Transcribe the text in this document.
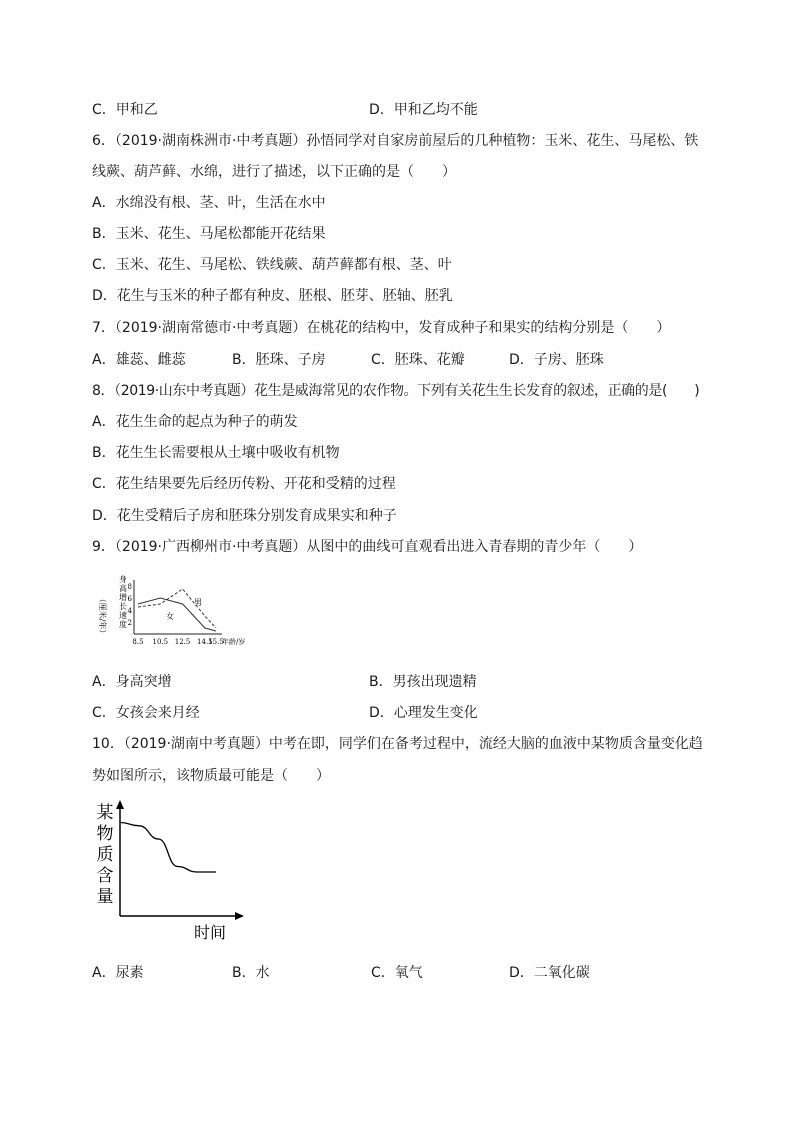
C．甲和乙	D．甲和乙均不能
6．（2019·湖南株洲市·中考真题）孙悟同学对自家房前屋后的几种植物：玉米、花生、马尾松、铁
线蕨、葫芦藓、水绵，进行了描述，以下正确的是（　　）
A．水绵没有根、茎、叶，生活在水中
B．玉米、花生、马尾松都能开花结果
C．玉米、花生、马尾松、铁线蕨、葫芦藓都有根、茎、叶
D．花生与玉米的种子都有种皮、胚根、胚芽、胚轴、胚乳
7．（2019·湖南常德市·中考真题）在桃花的结构中，发育成种子和果实的结构分别是（　　）
A．雄蕊、雌蕊	B．胚珠、子房	C．胚珠、花瓣	D．子房、胚珠
8．（2019·山东中考真题）花生是威海常见的农作物。下列有关花生生长发育的叙述，正确的是(　　)
A．花生生命的起点为种子的萌发
B．花生生长需要根从土壤中吸收有机物
C．花生结果要先后经历传粉、开花和受精的过程
D．花生受精后子房和胚珠分别发育成果实和种子
9．（2019·广西柳州市·中考真题）从图中的曲线可直观看出进入青春期的青少年（　　）
（厘米/年）
身
高
增
长
速
度 2
4
6
8
8.5 10.5 12.5 14.5
15.5
女
男
年龄/岁
A．身高突增	B．男孩出现遗精
C．女孩会来月经	D．心理发生变化
10．（2019·湖南中考真题）中考在即，同学们在备考过程中，流经大脑的血液中某物质含量变化趋
势如图所示，该物质最可能是（　　）
某
物
质
含
量
时间
A．尿素	B．水	C．氧气	D．二氧化碳
